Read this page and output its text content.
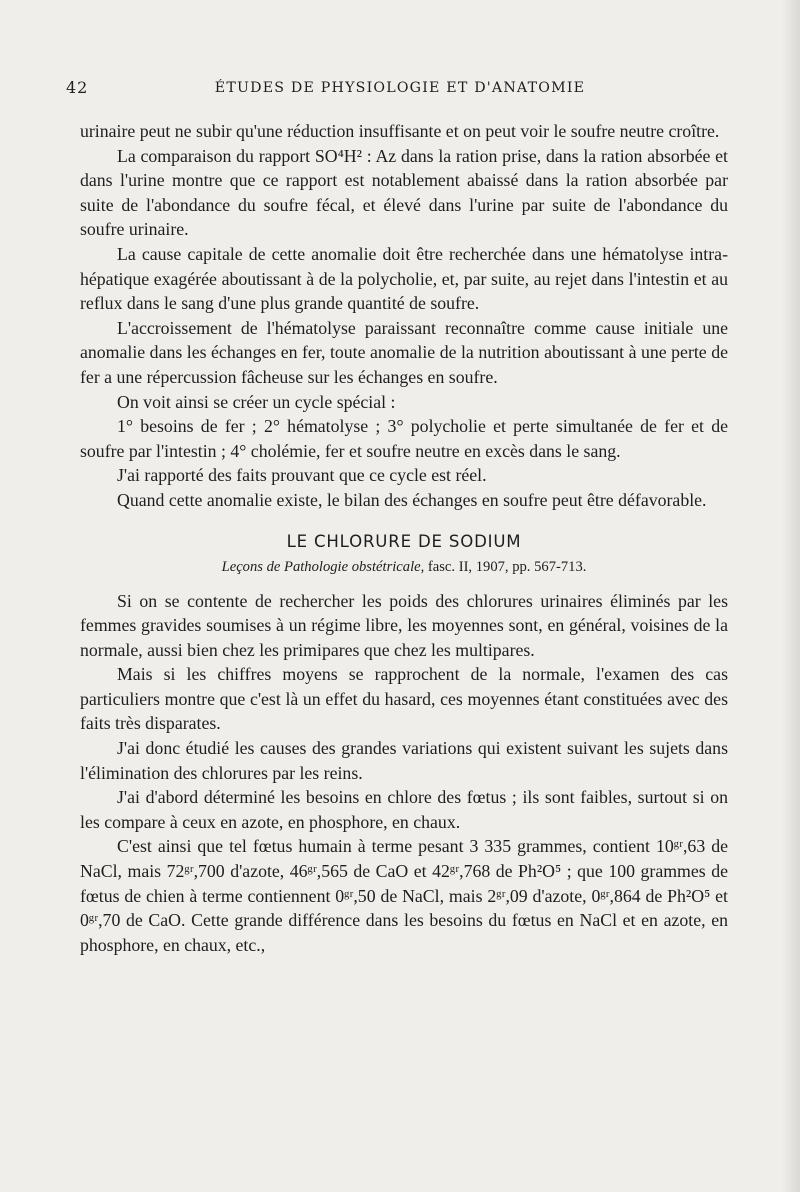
42	ÉTUDES DE PHYSIOLOGIE ET D'ANATOMIE

urinaire peut ne subir qu'une réduction insuffisante et on peut voir le soufre neutre croître.

La comparaison du rapport SO⁴H² : Az dans la ration prise, dans la ration absorbée et dans l'urine montre que ce rapport est notablement abaissé dans la ration absorbée par suite de l'abondance du soufre fécal, et élevé dans l'urine par suite de l'abondance du soufre urinaire.

La cause capitale de cette anomalie doit être recherchée dans une hématolyse intra-hépatique exagérée aboutissant à de la polycholie, et, par suite, au rejet dans l'intestin et au reflux dans le sang d'une plus grande quantité de soufre.

L'accroissement de l'hématolyse paraissant reconnaître comme cause initiale une anomalie dans les échanges en fer, toute anomalie de la nutrition aboutissant à une perte de fer a une répercussion fâcheuse sur les échanges en soufre.

On voit ainsi se créer un cycle spécial :

1° besoins de fer ; 2° hématolyse ; 3° polycholie et perte simultanée de fer et de soufre par l'intestin ; 4° cholémie, fer et soufre neutre en excès dans le sang.

J'ai rapporté des faits prouvant que ce cycle est réel.

Quand cette anomalie existe, le bilan des échanges en soufre peut être défavorable.

LE CHLORURE DE SODIUM
Leçons de Pathologie obstétricale, fasc. II, 1907, pp. 567-713.

Si on se contente de rechercher les poids des chlorures urinaires éliminés par les femmes gravides soumises à un régime libre, les moyennes sont, en général, voisines de la normale, aussi bien chez les primipares que chez les multipares.

Mais si les chiffres moyens se rapprochent de la normale, l'examen des cas particuliers montre que c'est là un effet du hasard, ces moyennes étant constituées avec des faits très disparates.

J'ai donc étudié les causes des grandes variations qui existent suivant les sujets dans l'élimination des chlorures par les reins.

J'ai d'abord déterminé les besoins en chlore des fœtus ; ils sont faibles, surtout si on les compare à ceux en azote, en phosphore, en chaux.

C'est ainsi que tel fœtus humain à terme pesant 3 335 grammes, contient 10ᵍʳ,63 de NaCl, mais 72ᵍʳ,700 d'azote, 46ᵍʳ,565 de CaO et 42ᵍʳ,768 de Ph²O⁵ ; que 100 grammes de fœtus de chien à terme contiennent 0ᵍʳ,50 de NaCl, mais 2ᵍʳ,09 d'azote, 0ᵍʳ,864 de Ph²O⁵ et 0ᵍʳ,70 de CaO. Cette grande différence dans les besoins du fœtus en NaCl et en azote, en phosphore, en chaux, etc.,
